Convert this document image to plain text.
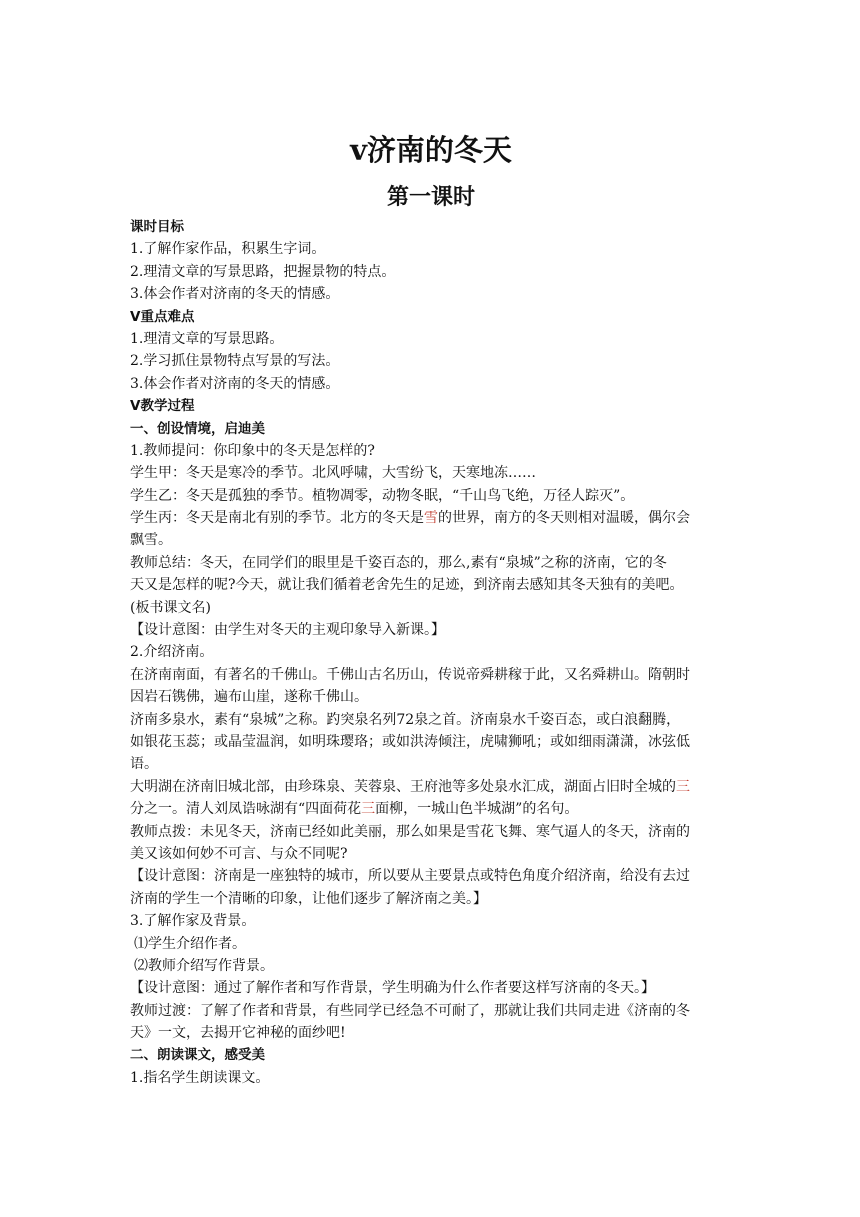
v济南的冬天
第一课时
课时目标
1.了解作家作品，积累生字词。
2.理清文章的写景思路，把握景物的特点。
3.体会作者对济南的冬天的情感。
V重点难点
1.理清文章的写景思路。
2.学习抓住景物特点写景的写法。
3.体会作者对济南的冬天的情感。
V教学过程
一、创设情境，启迪美
1.教师提问：你印象中的冬天是怎样的?
学生甲：冬天是寒冷的季节。北风呼啸，大雪纷飞，天寒地冻……
学生乙：冬天是孤独的季节。植物凋零，动物冬眠，“千山鸟飞绝，万径人踪灭”。
学生丙：冬天是南北有别的季节。北方的冬天是雪的世界，南方的冬天则相对温暖，偶尔会
飘雪。
教师总结：冬天，在同学们的眼里是千姿百态的，那么,素有“泉城”之称的济南，它的冬
天又是怎样的呢?今天，就让我们循着老舍先生的足迹，到济南去感知其冬天独有的美吧。
(板书课文名)
【设计意图：由学生对冬天的主观印象导入新课。】
2.介绍济南。
在济南南面，有著名的千佛山。千佛山古名历山，传说帝舜耕稼于此，又名舜耕山。隋朝时
因岩石镌佛，遍布山崖，遂称千佛山。
济南多泉水，素有“泉城”之称。趵突泉名列72泉之首。济南泉水千姿百态，或白浪翻腾，
如银花玉蕊；或晶莹温润，如明珠璎珞；或如洪涛倾注，虎啸狮吼；或如细雨潇潇，冰弦低
语。
大明湖在济南旧城北部，由珍珠泉、芙蓉泉、王府池等多处泉水汇成，湖面占旧时全城的三
分之一。清人刘凤诰咏湖有“四面荷花三面柳，一城山色半城湖”的名句。
教师点拨：未见冬天，济南已经如此美丽，那么如果是雪花飞舞、寒气逼人的冬天，济南的
美又该如何妙不可言、与众不同呢?
【设计意图：济南是一座独特的城市，所以要从主要景点或特色角度介绍济南，给没有去过
济南的学生一个清晰的印象，让他们逐步了解济南之美。】
3.了解作家及背景。
⑴学生介绍作者。
⑵教师介绍写作背景。
【设计意图：通过了解作者和写作背景，学生明确为什么作者要这样写济南的冬天。】
教师过渡：了解了作者和背景，有些同学已经急不可耐了，那就让我们共同走进《济南的冬
天》一文，去揭开它神秘的面纱吧!
二、朗读课文，感受美
1.指名学生朗读课文。
